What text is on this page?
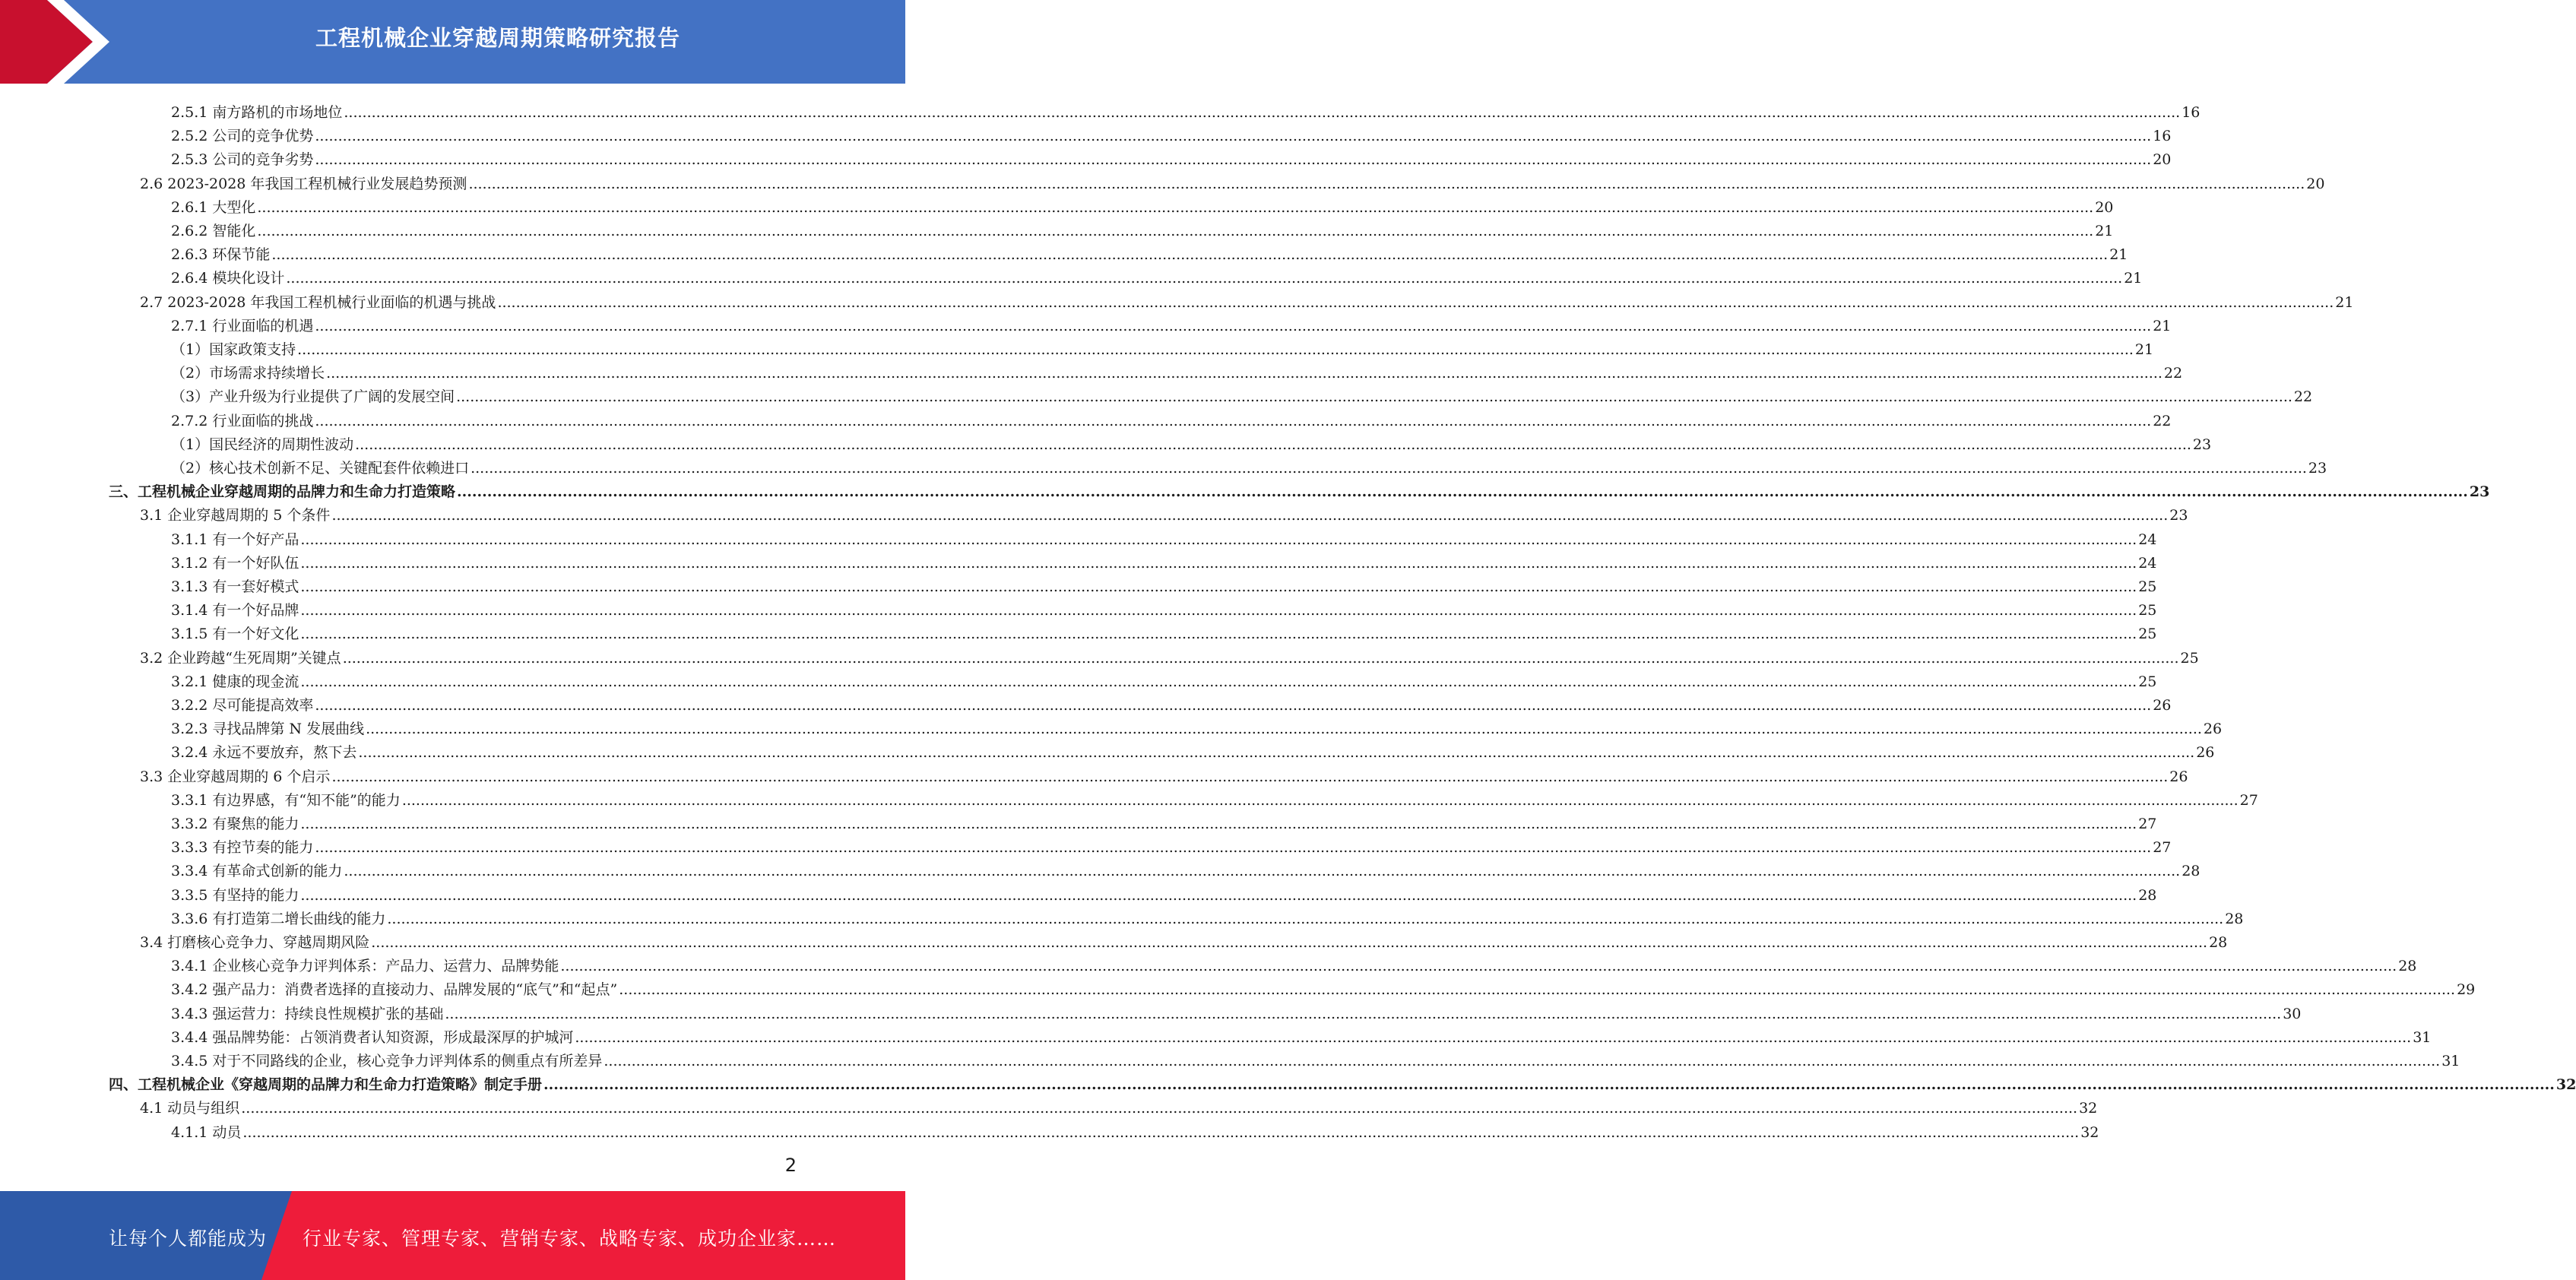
工程机械企业穿越周期策略研究报告
2.5.1 南方路机的市场地位 ................................................................................................................................................................................................................................................................................................................................................................................................................ 16
2.5.2 公司的竞争优势 ................................................................................................................................................................................................................................................................................................................................................................................................................ 16
2.5.3 公司的竞争劣势 ................................................................................................................................................................................................................................................................................................................................................................................................................ 20
2.6 2023-2028 年我国工程机械行业发展趋势预测 ................................................................................................................................................................................................................................................................................................................................................................................................................ 20
2.6.1 大型化 ................................................................................................................................................................................................................................................................................................................................................................................................................ 20
2.6.2 智能化 ................................................................................................................................................................................................................................................................................................................................................................................................................ 21
2.6.3 环保节能 ................................................................................................................................................................................................................................................................................................................................................................................................................ 21
2.6.4 模块化设计 ................................................................................................................................................................................................................................................................................................................................................................................................................ 21
2.7 2023-2028 年我国工程机械行业面临的机遇与挑战 ................................................................................................................................................................................................................................................................................................................................................................................................................ 21
2.7.1 行业面临的机遇 ................................................................................................................................................................................................................................................................................................................................................................................................................ 21
（1）国家政策支持 ................................................................................................................................................................................................................................................................................................................................................................................................................ 21
（2）市场需求持续增长 ................................................................................................................................................................................................................................................................................................................................................................................................................ 22
（3）产业升级为行业提供了广阔的发展空间 ................................................................................................................................................................................................................................................................................................................................................................................................................ 22
2.7.2 行业面临的挑战 ................................................................................................................................................................................................................................................................................................................................................................................................................ 22
（1）国民经济的周期性波动 ................................................................................................................................................................................................................................................................................................................................................................................................................ 23
（2）核心技术创新不足、关键配套件依赖进口 ................................................................................................................................................................................................................................................................................................................................................................................................................ 23
三、工程机械企业穿越周期的品牌力和生命力打造策略 ................................................................................................................................................................................................................................................................................................................................................................................................................ 23
3.1 企业穿越周期的 5 个条件 ................................................................................................................................................................................................................................................................................................................................................................................................................ 23
3.1.1 有一个好产品 ................................................................................................................................................................................................................................................................................................................................................................................................................ 24
3.1.2 有一个好队伍 ................................................................................................................................................................................................................................................................................................................................................................................................................ 24
3.1.3 有一套好模式 ................................................................................................................................................................................................................................................................................................................................................................................................................ 25
3.1.4 有一个好品牌 ................................................................................................................................................................................................................................................................................................................................................................................................................ 25
3.1.5 有一个好文化 ................................................................................................................................................................................................................................................................................................................................................................................................................ 25
3.2 企业跨越“生死周期”关键点 ................................................................................................................................................................................................................................................................................................................................................................................................................ 25
3.2.1 健康的现金流 ................................................................................................................................................................................................................................................................................................................................................................................................................ 25
3.2.2 尽可能提高效率 ................................................................................................................................................................................................................................................................................................................................................................................................................ 26
3.2.3 寻找品牌第 N 发展曲线 ................................................................................................................................................................................................................................................................................................................................................................................................................ 26
3.2.4 永远不要放弃，熬下去 ................................................................................................................................................................................................................................................................................................................................................................................................................ 26
3.3 企业穿越周期的 6 个启示 ................................................................................................................................................................................................................................................................................................................................................................................................................ 26
3.3.1 有边界感，有“知不能”的能力 ................................................................................................................................................................................................................................................................................................................................................................................................................ 27
3.3.2 有聚焦的能力 ................................................................................................................................................................................................................................................................................................................................................................................................................ 27
3.3.3 有控节奏的能力 ................................................................................................................................................................................................................................................................................................................................................................................................................ 27
3.3.4 有革命式创新的能力 ................................................................................................................................................................................................................................................................................................................................................................................................................ 28
3.3.5 有坚持的能力 ................................................................................................................................................................................................................................................................................................................................................................................................................ 28
3.3.6 有打造第二增长曲线的能力 ................................................................................................................................................................................................................................................................................................................................................................................................................ 28
3.4 打磨核心竞争力、穿越周期风险 ................................................................................................................................................................................................................................................................................................................................................................................................................ 28
3.4.1 企业核心竞争力评判体系：产品力、运营力、品牌势能 ................................................................................................................................................................................................................................................................................................................................................................................................................ 28
3.4.2 强产品力：消费者选择的直接动力、品牌发展的“底气”和“起点” ................................................................................................................................................................................................................................................................................................................................................................................................................ 29
3.4.3 强运营力：持续良性规模扩张的基础 ................................................................................................................................................................................................................................................................................................................................................................................................................ 30
3.4.4 强品牌势能：占领消费者认知资源，形成最深厚的护城河 ................................................................................................................................................................................................................................................................................................................................................................................................................ 31
3.4.5 对于不同路线的企业，核心竞争力评判体系的侧重点有所差异 ................................................................................................................................................................................................................................................................................................................................................................................................................ 31
四、工程机械企业《穿越周期的品牌力和生命力打造策略》制定手册 ................................................................................................................................................................................................................................................................................................................................................................................................................ 32
4.1 动员与组织 ................................................................................................................................................................................................................................................................................................................................................................................................................ 32
4.1.1 动员 ................................................................................................................................................................................................................................................................................................................................................................................................................ 32
2
让每个人都能成为 行业专家、管理专家、营销专家、战略专家、成功企业家……
